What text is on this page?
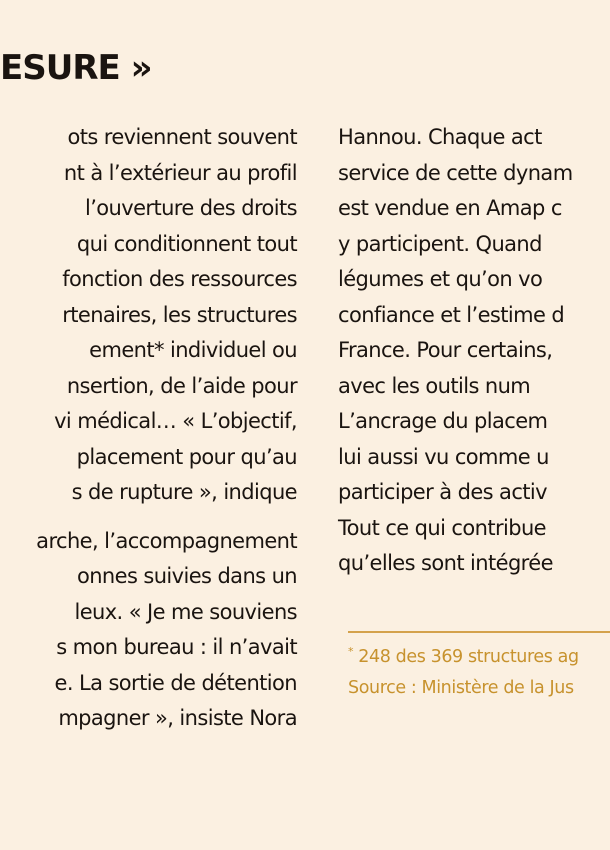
ESURE »
ots reviennent souvent
nt à l’extérieur au profil
l’ouverture des droits
qui conditionnent tout
fonction des ressources
rtenaires, les structures
ement* individuel ou
nsertion, de l’aide pour
vi médical… « L’objectif,
placement pour qu’au
s de rupture », indique
arche, l’accompagnement
onnes suivies dans un
leux. « Je me souviens
s mon bureau : il n’avait
e. La sortie de détention
mpagner », insiste Nora
Hannou. Chaque act
service de cette dynam
est vendue en Amap c
y participent. Quand
légumes et qu’on vo
confiance et l’estime d
France. Pour certains,
avec les outils num
L’ancrage du placem
lui aussi vu comme u
participer à des activ
Tout ce qui contribue
qu’elles sont intégrée
* 248 des 369 structures ag
Source : Ministère de la Jus
